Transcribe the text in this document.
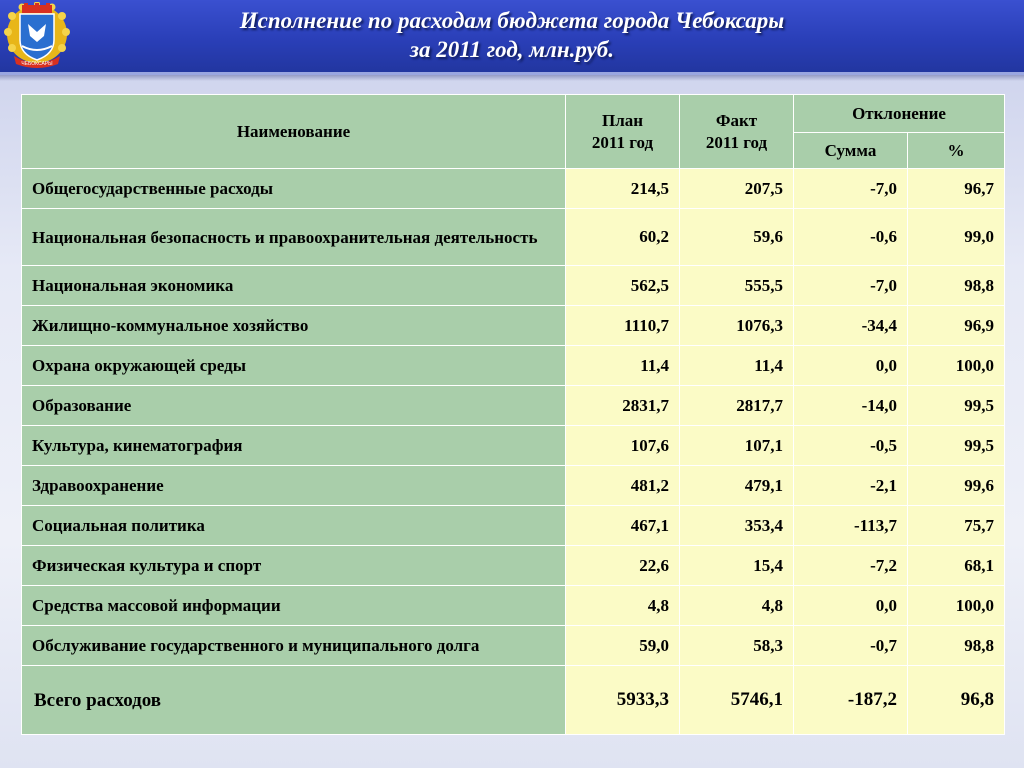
ЧЕБОКСАРЫ
Исполнение по расходам бюджета города Чебоксары
за 2011 год, млн.руб.
Наименование	План 2011 год	Факт 2011 год	Отклонение	
			Сумма	%
Общегосударственные расходы	214,5	207,5	-7,0	96,7
Национальная безопасность и правоохранительная деятельность	60,2	59,6	-0,6	99,0
Национальная экономика	562,5	555,5	-7,0	98,8
Жилищно-коммунальное хозяйство	1110,7	1076,3	-34,4	96,9
Охрана окружающей среды	11,4	11,4	0,0	100,0
Образование	2831,7	2817,7	-14,0	99,5
Культура, кинематография	107,6	107,1	-0,5	99,5
Здравоохранение	481,2	479,1	-2,1	99,6
Социальная политика	467,1	353,4	-113,7	75,7
Физическая культура и спорт	22,6	15,4	-7,2	68,1
Средства массовой информации	4,8	4,8	0,0	100,0
Обслуживание государственного и муниципального долга	59,0	58,3	-0,7	98,8
Всего расходов	5933,3	5746,1	-187,2	96,8
